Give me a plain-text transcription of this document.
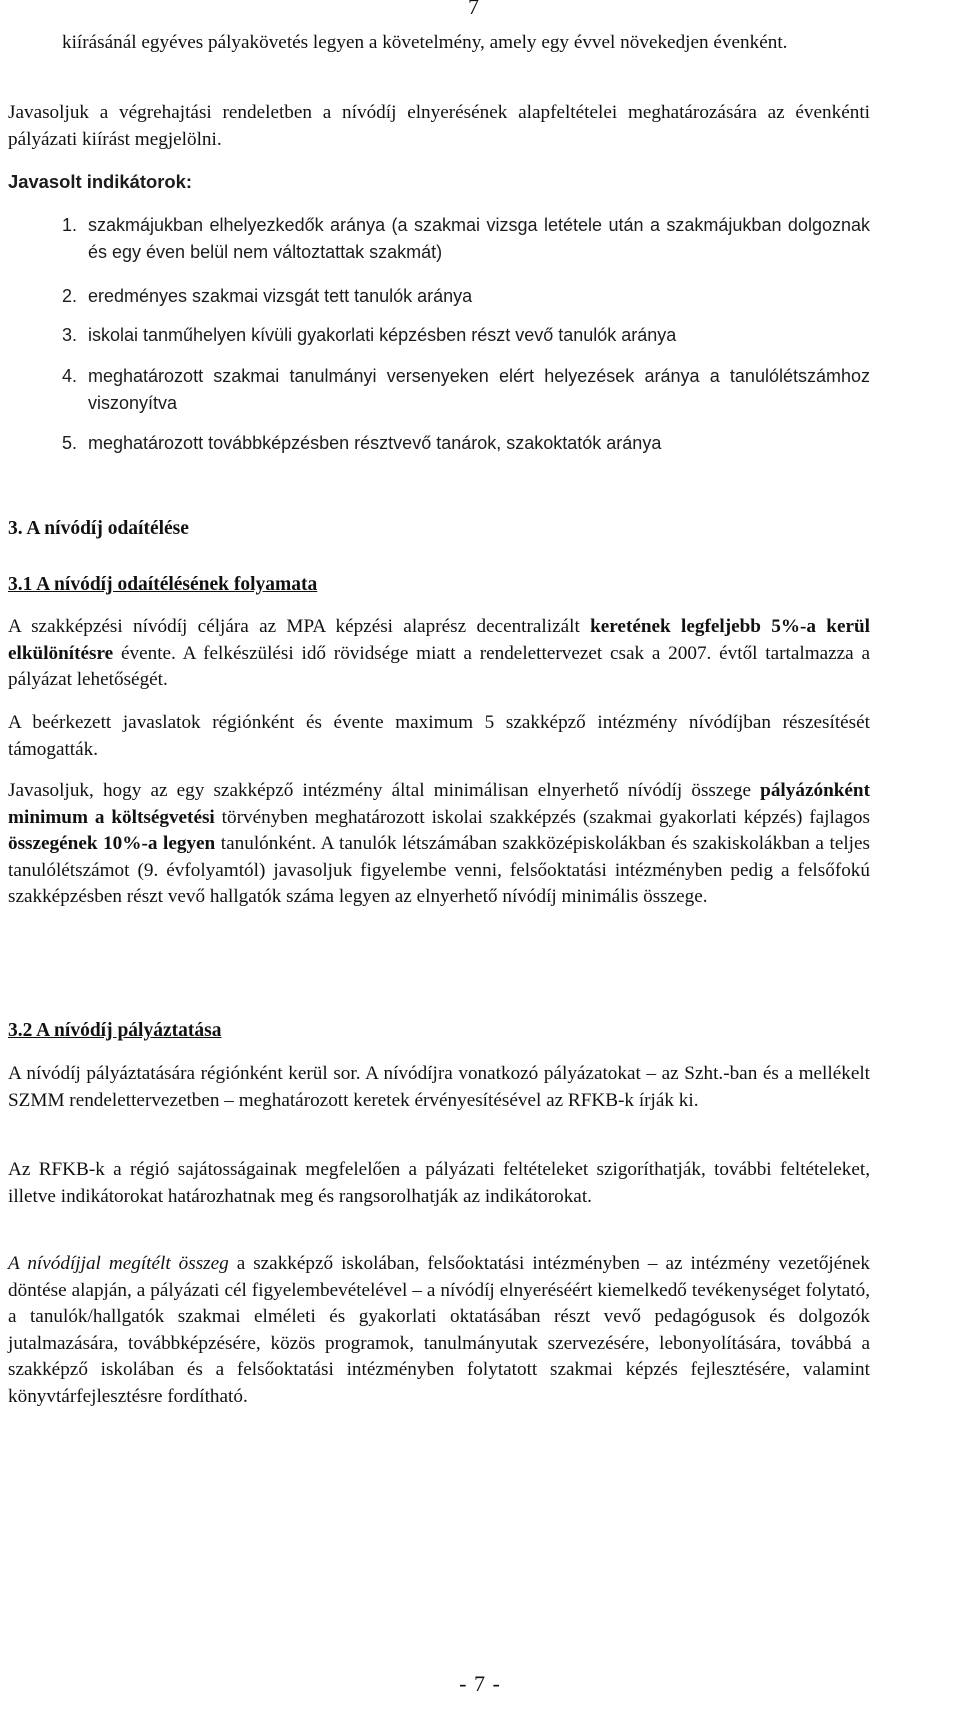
7

kiírásánál egyéves pályakövetés legyen a követelmény, amely egy évvel növekedjen évenként.

Javasoljuk a végrehajtási rendeletben a nívódíj elnyerésének alapfeltételei meghatározására az évenkénti pályázati kiírást megjelölni.

Javasolt indikátorok:
1. szakmájukban elhelyezkedők aránya (a szakmai vizsga letétele után a szakmájukban dolgoznak és egy éven belül nem változtattak szakmát)
2. eredményes szakmai vizsgát tett tanulók aránya
3. iskolai tanműhelyen kívüli gyakorlati képzésben részt vevő tanulók aránya
4. meghatározott szakmai tanulmányi versenyeken elért helyezések aránya a tanulólétszámhoz viszonyítva
5. meghatározott továbbképzésben résztvevő tanárok, szakoktatók aránya
3. A nívódíj odaítélése
3.1 A nívódíj odaítélésének folyamata

A szakképzési nívódíj céljára az MPA képzési alaprész decentralizált keretének legfeljebb 5%-a kerül elkülönítésre évente. A felkészülési idő rövidsége miatt a rendelettervezet csak a 2007. évtől tartalmazza a pályázat lehetőségét.

A beérkezett javaslatok régiónként és évente maximum 5 szakképző intézmény nívódíjban részesítését támogatták.

Javasoljuk, hogy az egy szakképző intézmény által minimálisan elnyerhető nívódíj összege pályázónként minimum a költségvetési törvényben meghatározott iskolai szakképzés (szakmai gyakorlati képzés) fajlagos összegének 10%-a legyen tanulónként. A tanulók létszámában szakközépiskolákban és szakiskolákban a teljes tanulólétszámot (9. évfolyamtól) javasoljuk figyelembe venni, felsőoktatási intézményben pedig a felsőfokú szakképzésben részt vevő hallgatók száma legyen az elnyerhető nívódíj minimális összege.

3.2 A nívódíj pályáztatása

A nívódíj pályáztatására régiónként kerül sor. A nívódíjra vonatkozó pályázatokat – az Szht.-ban és a mellékelt SZMM rendelettervezetben – meghatározott keretek érvényesítésével az RFKB-k írják ki.

Az RFKB-k a régió sajátosságainak megfelelően a pályázati feltételeket szigoríthatják, további feltételeket, illetve indikátorokat határozhatnak meg és rangsorolhatják az indikátorokat.

A nívódíjjal megítélt összeg a szakképző iskolában, felsőoktatási intézményben – az intézmény vezetőjének döntése alapján, a pályázati cél figyelembevételével – a nívódíj elnyeréséért kiemelkedő tevékenységet folytató, a tanulók/hallgatók szakmai elméleti és gyakorlati oktatásában részt vevő pedagógusok és dolgozók jutalmazására, továbbképzésére, közös programok, tanulmányutak szervezésére, lebonyolítására, továbbá a szakképző iskolában és a felsőoktatási intézményben folytatott szakmai képzés fejlesztésére, valamint könyvtárfejlesztésre fordítható.

- 7 -
